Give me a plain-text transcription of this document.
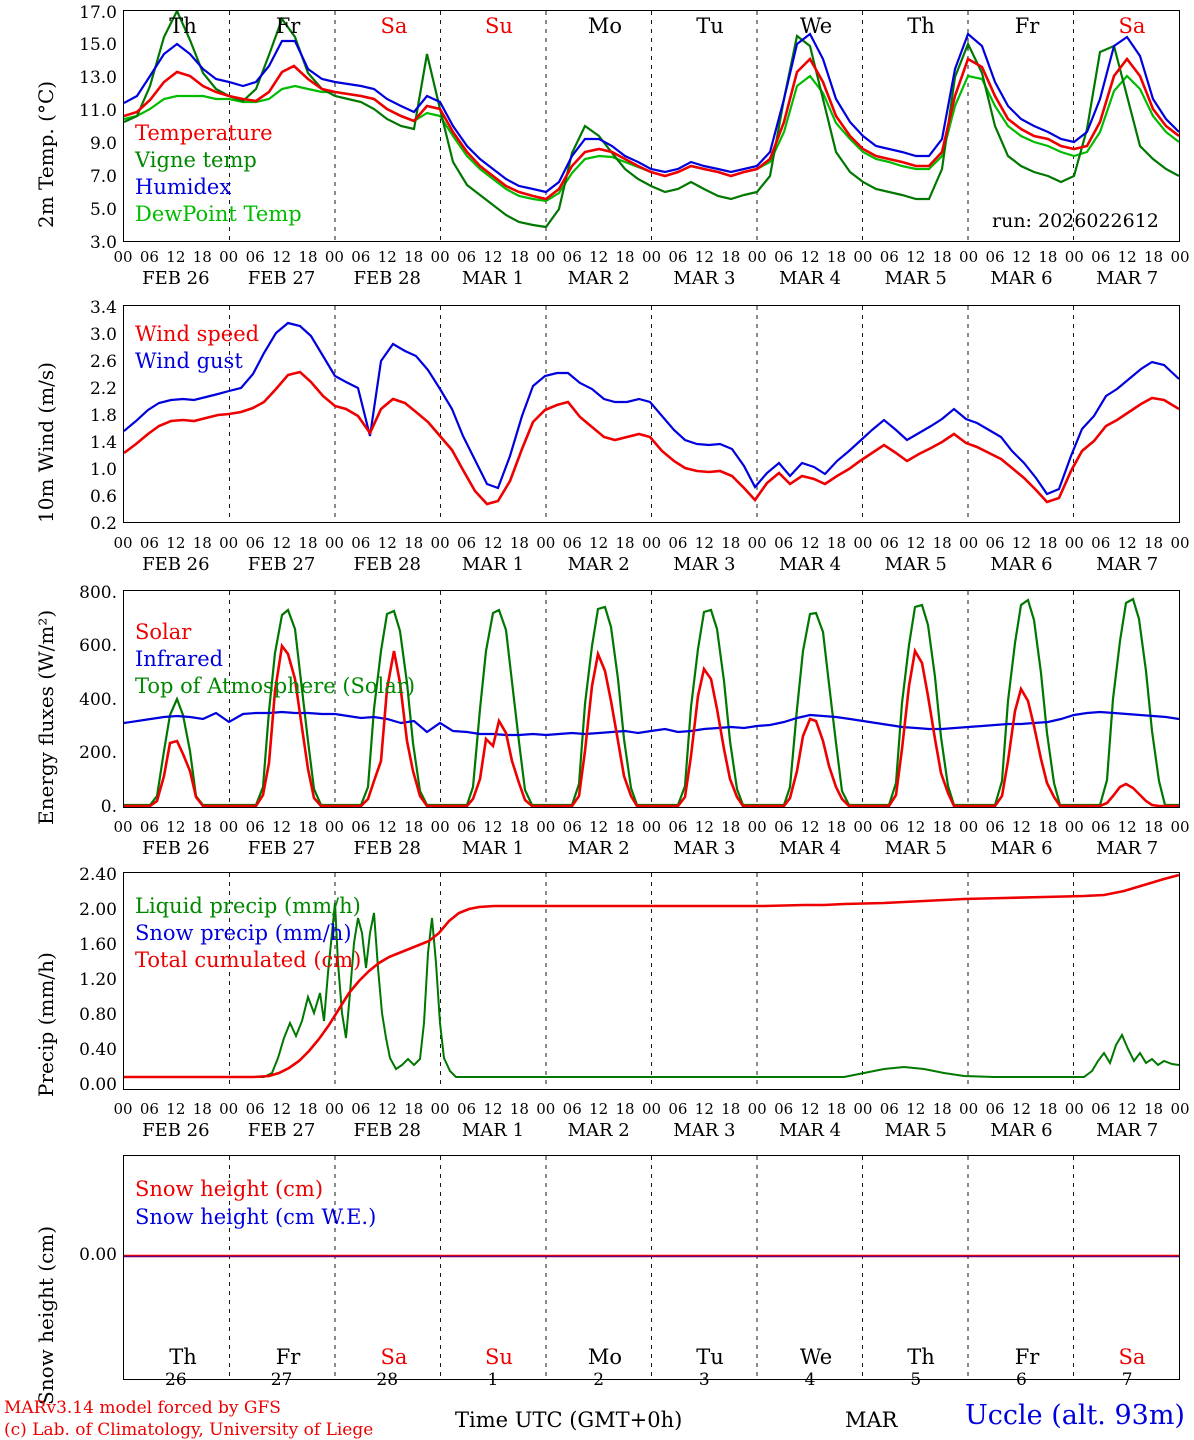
2m Temp. (°C)
17.0
15.0
13.0
11.0
9.0
7.0
5.0
3.0
Th	Fr	Sa	Su	Mo	Tu	We	Th	Fr	Sa
Temperature
Vigne temp
Humidex
DewPoint Temp	run: 2026022612
00 06 12 18 00 06 12 18 00 06 12 18 00 06 12 18 00 06 12 18 00 06 12 18 00 06 12 18 00 06 12 18 00 06 12 18 00 06 12 18 00
FEB 26	FEB 27	FEB 28	MAR 1	MAR 2	MAR 3	MAR 4	MAR 5	MAR 6	MAR 7
10m Wind (m/s)
3.4
3.0
2.6
2.2
1.8
1.4
1.0
0.6
0.2
Wind speed
Wind gust
00 06 12 18 00 06 12 18 00 06 12 18 00 06 12 18 00 06 12 18 00 06 12 18 00 06 12 18 00 06 12 18 00 06 12 18 00 06 12 18 00
FEB 26	FEB 27	FEB 28	MAR 1	MAR 2	MAR 3	MAR 4	MAR 5	MAR 6	MAR 7
Energy fluxes (W/m²)
800.
600.
400.
200.
0.
Solar
Infrared
Top of Atmosphere (Solar)
00 06 12 18 00 06 12 18 00 06 12 18 00 06 12 18 00 06 12 18 00 06 12 18 00 06 12 18 00 06 12 18 00 06 12 18 00 06 12 18 00
FEB 26	FEB 27	FEB 28	MAR 1	MAR 2	MAR 3	MAR 4	MAR 5	MAR 6	MAR 7
Precip (mm/h)
2.40
2.00
1.60
1.20
0.80
0.40
0.00
Liquid precip (mm/h)
Snow precip (mm/h)
Total cumulated (cm)
00 06 12 18 00 06 12 18 00 06 12 18 00 06 12 18 00 06 12 18 00 06 12 18 00 06 12 18 00 06 12 18 00 06 12 18 00 06 12 18 00
FEB 26	FEB 27	FEB 28	MAR 1	MAR 2	MAR 3	MAR 4	MAR 5	MAR 6	MAR 7
Snow height (cm)	0.00
Snow height (cm)
Snow height (cm W.E.)
Th	Fr	Sa	Su	Mo	Tu	We	Th	Fr	Sa
26	27	28	1	2	3	4	5	6	7
MARv3.14 model forced by GFS
(c) Lab. of Climatology, University of Liege	Time UTC (GMT+0h)	MAR	Uccle (alt. 93m)
